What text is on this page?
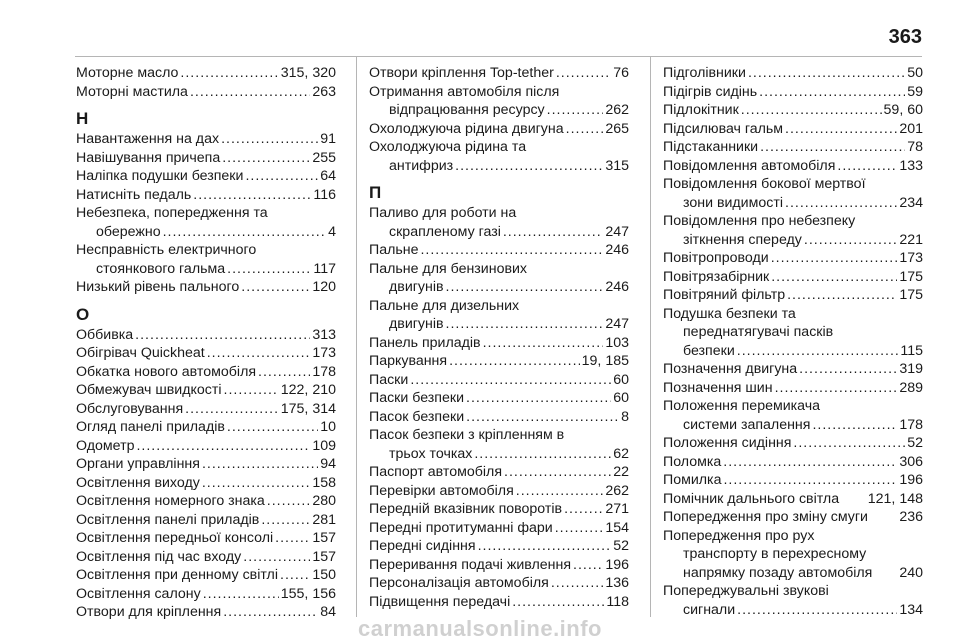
363
Моторне масло .....	315, 320
Моторні мастила .....	263
Н
Навантаження на дах .....	91
Навішування причепа .....	255
Наліпка подушки безпеки .....	64
Натисніть педаль .....	116
Небезпека, попередження та
обережно .....	4
Несправність електричного
стоянкового гальма .....	117
Низький рівень пального .....	120
О
Оббивка .....	313
Обігрівач Quickheat .....	173
Обкатка нового автомобіля .....	178
Обмежувач швидкості .....	122, 210
Обслуговування .....	175, 314
Огляд панелі приладів .....	10
Одометр .....	109
Органи управління .....	94
Освітлення виходу .....	158
Освітлення номерного знака .....	280
Освітлення панелі приладів .....	281
Освітлення передньої консолі .....	157
Освітлення під час входу .....	157
Освітлення при денному світлі ..... 150
Освітлення салону .....	155, 156
Отвори для кріплення .....	84
Отвори кріплення Top-tether .....	76
Отримання автомобіля після
відпрацювання ресурсу .....	262
Охолоджуюча рідина двигуна .....	265
Охолоджуюча рідина та
антифриз .....	315
П
Паливо для роботи на
скрапленому газі .....	247
Пальне .....	246
Пальне для бензинових
двигунів .....	246
Пальне для дизельних
двигунів .....	247
Панель приладів .....	103
Паркування .....	19, 185
Паски .....	60
Паски безпеки .....	60
Пасок безпеки .....	8
Пасок безпеки з кріпленням в
трьох точках .....	62
Паспорт автомобіля .....	22
Перевірки автомобіля .....	262
Передній вказівник поворотів .....	271
Передні протитуманні фари .....	154
Передні сидіння .....	52
Переривання подачі живлення ..... 196
Персоналізація автомобіля .....	136
Підвищення передачі .....	118
Підголівники .....	50
Підігрів сидінь .....	59
Підлокітник .....	59, 60
Підсилювач гальм .....	201
Підстаканники .....	78
Повідомлення автомобіля .....	133
Повідомлення бокової мертвої
зони видимості .....	234
Повідомлення про небезпеку
зіткнення спереду .....	221
Повітропроводи .....	173
Повітрязабірник .....	175
Повітряний фільтр .....	175
Подушка безпеки та
переднатягувачі пасків
безпеки .....	115
Позначення двигуна .....	319
Позначення шин .....	289
Положення перемикача
системи запалення .....	178
Положення сидіння .....	52
Поломка .....	306
Помилка .....	196
Помічник дальнього світла 121, 148
Попередження про зміну смуги 236
Попередження про рух
транспорту в перехресному
напрямку позаду автомобіля 240
Попереджувальні звукові
сигнали .....	134
carmanualsonline.info
